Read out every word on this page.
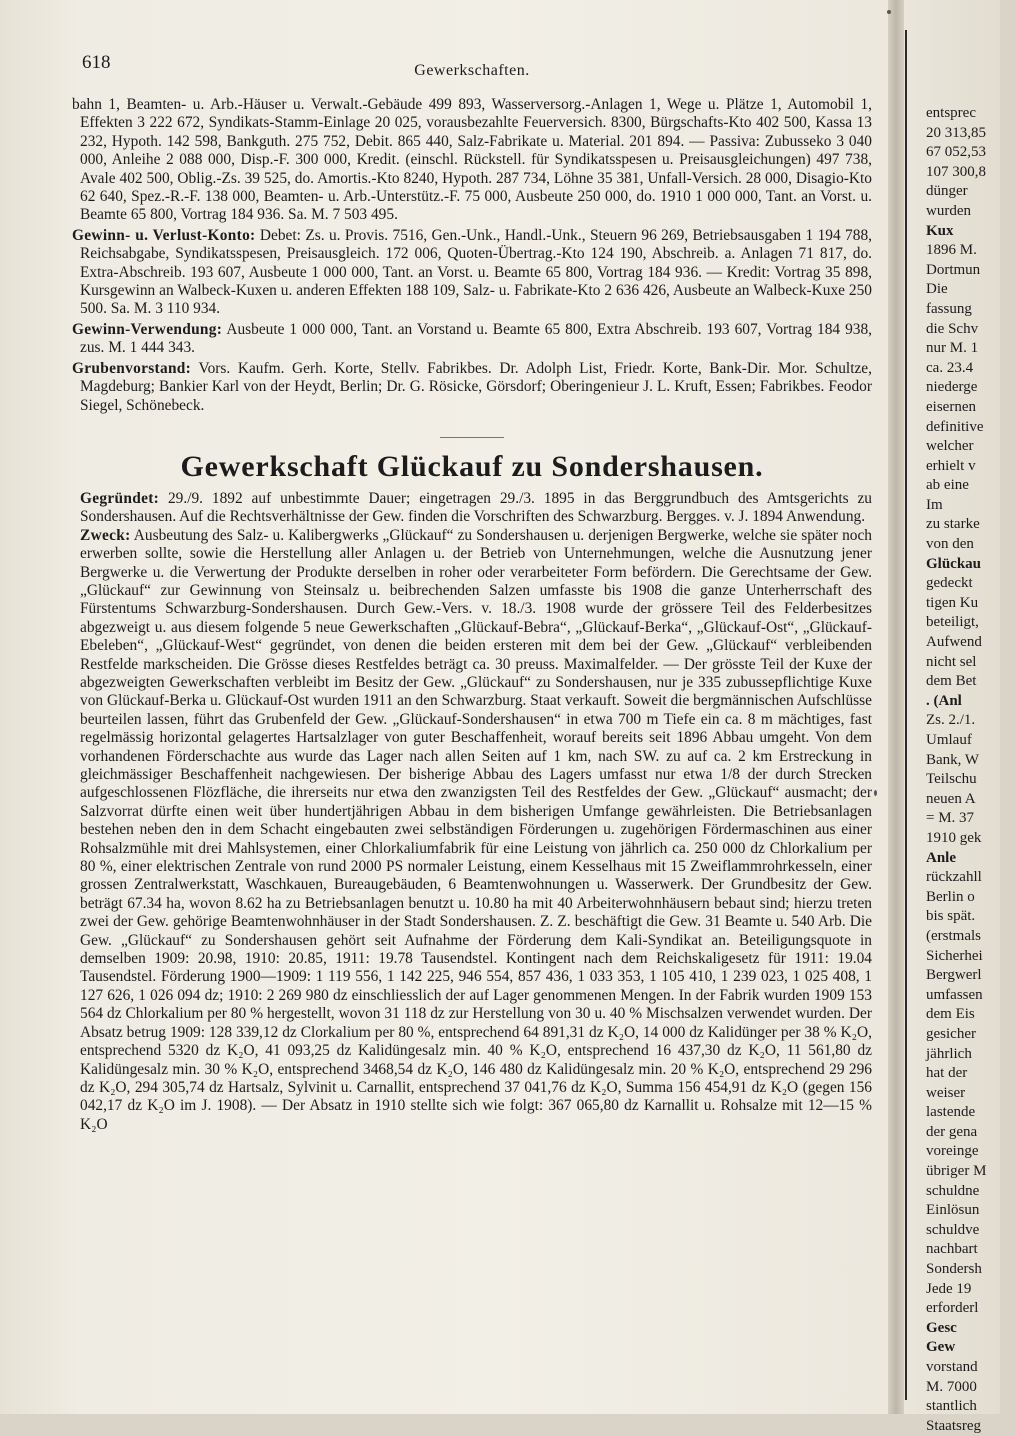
618	Gewerkschaften.

bahn 1, Beamten- u. Arb.-Häuser u. Verwalt.-Gebäude 499 893, Wasserversorg.-Anlagen 1, Wege u. Plätze 1, Automobil 1, Effekten 3 222 672, Syndikats-Stamm-Einlage 20 025, vorausbezahlte Feuerversich. 8300, Bürgschafts-Kto 402 500, Kassa 13 232, Hypoth. 142 598, Bankguth. 275 752, Debit. 865 440, Salz-Fabrikate u. Material. 201 894. — Passiva: Zubusseko 3 040 000, Anleihe 2 088 000, Disp.-F. 300 000, Kredit. (einschl. Rückstell. für Syndikatsspesen u. Preisausgleichungen) 497 738, Avale 402 500, Oblig.-Zs. 39 525, do. Amortis.-Kto 8240, Hypoth. 287 734, Löhne 35 381, Unfall-Versich. 28 000, Disagio-Kto 62 640, Spez.-R.-F. 138 000, Beamten- u. Arb.-Unterstütz.-F. 75 000, Ausbeute 250 000, do. 1910 1 000 000, Tant. an Vorst. u. Beamte 65 800, Vortrag 184 936. Sa. M. 7 503 495.

Gewinn- u. Verlust-Konto: Debet: Zs. u. Provis. 7516, Gen.-Unk., Handl.-Unk., Steuern 96 269, Betriebsausgaben 1 194 788, Reichsabgabe, Syndikatsspesen, Preisausgleich. 172 006, Quoten-Übertrag.-Kto 124 190, Abschreib. a. Anlagen 71 817, do. Extra-Abschreib. 193 607, Ausbeute 1 000 000, Tant. an Vorst. u. Beamte 65 800, Vortrag 184 936. — Kredit: Vortrag 35 898, Kursgewinn an Walbeck-Kuxen u. anderen Effekten 188 109, Salz- u. Fabrikate-Kto 2 636 426, Ausbeute an Walbeck-Kuxe 250 500. Sa. M. 3 110 934.

Gewinn-Verwendung: Ausbeute 1 000 000, Tant. an Vorstand u. Beamte 65 800, Extra Abschreib. 193 607, Vortrag 184 938, zus. M. 1 444 343.

Grubenvorstand: Vors. Kaufm. Gerh. Korte, Stellv. Fabrikbes. Dr. Adolph List, Friedr. Korte, Bank-Dir. Mor. Schultze, Magdeburg; Bankier Karl von der Heydt, Berlin; Dr. G. Rösicke, Görsdorf; Oberingenieur J. L. Kruft, Essen; Fabrikbes. Feodor Siegel, Schönebeck.

Gewerkschaft Glückauf zu Sondershausen.

Gegründet: 29./9. 1892 auf unbestimmte Dauer; eingetragen 29./3. 1895 in das Berggrundbuch des Amtsgerichts zu Sondershausen. Auf die Rechtsverhältnisse der Gew. finden die Vorschriften des Schwarzburg. Bergges. v. J. 1894 Anwendung.

Zweck: Ausbeutung des Salz- u. Kalibergwerks „Glückauf“ zu Sondershausen u. derjenigen Bergwerke, welche sie später noch erwerben sollte, sowie die Herstellung aller Anlagen u. der Betrieb von Unternehmungen, welche die Ausnutzung jener Bergwerke u. die Verwertung der Produkte derselben in roher oder verarbeiteter Form befördern. Die Gerechtsame der Gew. „Glückauf“ zur Gewinnung von Steinsalz u. beibrechenden Salzen umfasste bis 1908 die ganze Unterherrschaft des Fürstentums Schwarzburg-Sondershausen. Durch Gew.-Vers. v. 18./3. 1908 wurde der grössere Teil des Felderbesitzes abgezweigt u. aus diesem folgende 5 neue Gewerkschaften „Glückauf-Bebra“, „Glückauf-Berka“, „Glückauf-Ost“, „Glückauf-Ebeleben“, „Glückauf-West“ gegründet, von denen die beiden ersteren mit dem bei der Gew. „Glückauf“ verbleibenden Restfelde markscheiden. Die Grösse dieses Restfeldes beträgt ca. 30 preuss. Maximalfelder. — Der grösste Teil der Kuxe der abgezweigten Gewerkschaften verbleibt im Besitz der Gew. „Glückauf“ zu Sondershausen, nur je 335 zubussepflichtige Kuxe von Glückauf-Berka u. Glückauf-Ost wurden 1911 an den Schwarzburg. Staat verkauft. Soweit die bergmännischen Aufschlüsse beurteilen lassen, führt das Grubenfeld der Gew. „Glückauf-Sondershausen“ in etwa 700 m Tiefe ein ca. 8 m mächtiges, fast regelmässig horizontal gelagertes Hartsalzlager von guter Beschaffenheit, worauf bereits seit 1896 Abbau umgeht. Von dem vorhandenen Förderschachte aus wurde das Lager nach allen Seiten auf 1 km, nach SW. zu auf ca. 2 km Erstreckung in gleichmässiger Beschaffenheit nachgewiesen. Der bisherige Abbau des Lagers umfasst nur etwa 1/8 der durch Strecken aufgeschlossenen Flözfläche, die ihrerseits nur etwa den zwanzigsten Teil des Restfeldes der Gew. „Glückauf“ ausmacht; der Salzvorrat dürfte einen weit über hundertjährigen Abbau in dem bisherigen Umfange gewährleisten. Die Betriebsanlagen bestehen neben den in dem Schacht eingebauten zwei selbständigen Förderungen u. zugehörigen Fördermaschinen aus einer Rohsalzmühle mit drei Mahlsystemen, einer Chlorkaliumfabrik für eine Leistung von jährlich ca. 250 000 dz Chlorkalium per 80 %, einer elektrischen Zentrale von rund 2000 PS normaler Leistung, einem Kesselhaus mit 15 Zweiflammrohrkesseln, einer grossen Zentralwerkstatt, Waschkauen, Bureaugebäuden, 6 Beamtenwohnungen u. Wasserwerk. Der Grundbesitz der Gew. beträgt 67.34 ha, wovon 8.62 ha zu Betriebsanlagen benutzt u. 10.80 ha mit 40 Arbeiterwohnhäusern bebaut sind; hierzu treten zwei der Gew. gehörige Beamtenwohnhäuser in der Stadt Sondershausen. Z. Z. beschäftigt die Gew. 31 Beamte u. 540 Arb. Die Gew. „Glückauf“ zu Sondershausen gehört seit Aufnahme der Förderung dem Kali-Syndikat an. Beteiligungsquote in demselben 1909: 20.98, 1910: 20.85, 1911: 19.78 Tausendstel. Kontingent nach dem Reichskaligesetz für 1911: 19.04 Tausendstel. Förderung 1900—1909: 1 119 556, 1 142 225, 946 554, 857 436, 1 033 353, 1 105 410, 1 239 023, 1 025 408, 1 127 626, 1 026 094 dz; 1910: 2 269 980 dz einschliesslich der auf Lager genommenen Mengen. In der Fabrik wurden 1909 153 564 dz Chlorkalium per 80 % hergestellt, wovon 31 118 dz zur Herstellung von 30 u. 40 % Mischsalzen verwendet wurden. Der Absatz betrug 1909: 128 339,12 dz Clorkalium per 80 %, entsprechend 64 891,31 dz K₂O, 14 000 dz Kalidünger per 38 % K₂O, entsprechend 5320 dz K₂O, 41 093,25 dz Kalidüngesalz min. 40 % K₂O, entsprechend 16 437,30 dz K₂O, 11 561,80 dz Kalidüngesalz min. 30 % K₂O, entsprechend 3468,54 dz K₂O, 146 480 dz Kalidüngesalz min. 20 % K₂O, entsprechend 29 296 dz K₂O, 294 305,74 dz Hartsalz, Sylvinit u. Carnallit, entsprechend 37 041,76 dz K₂O, Summa 156 454,91 dz K₂O (gegen 156 042,17 dz K₂O im J. 1908). — Der Absatz in 1910 stellte sich wie folgt: 367 065,80 dz Karnallit u. Rohsalze mit 12—15 % K₂O

entsprec
20 313,85
67 052,53
107 300,8
dünger
wurden
Kux
1896 M.
Dortmun
Die
fassung
die Schv
nur M. 1
ca. 23.4
niederge
eisernen
definitive
welcher
erhielt v
ab eine
Im
zu starke
von den
Glückau
gedeckt
tigen Ku
beteiligt,
Aufwend
nicht sel
dem Bet
. (Anl
Zs. 2./1.
Umlauf
Bank, W
Teilschu
neuen A
= M. 37
1910 gek
Anle
rückzahll
Berlin o
bis spät.
(erstmals
Sicherhei
Bergwerl
umfassen
dem Eis
gesicher
jährlich
hat der
weiser
lastende
der gena
voreinge
übriger M
schuldne
Einlösun
schuldve
nachbart
Sondersh
Jede 19
erforderl
Gesc
Gew
vorstand
M. 7000
stantlich
Staatsreg
